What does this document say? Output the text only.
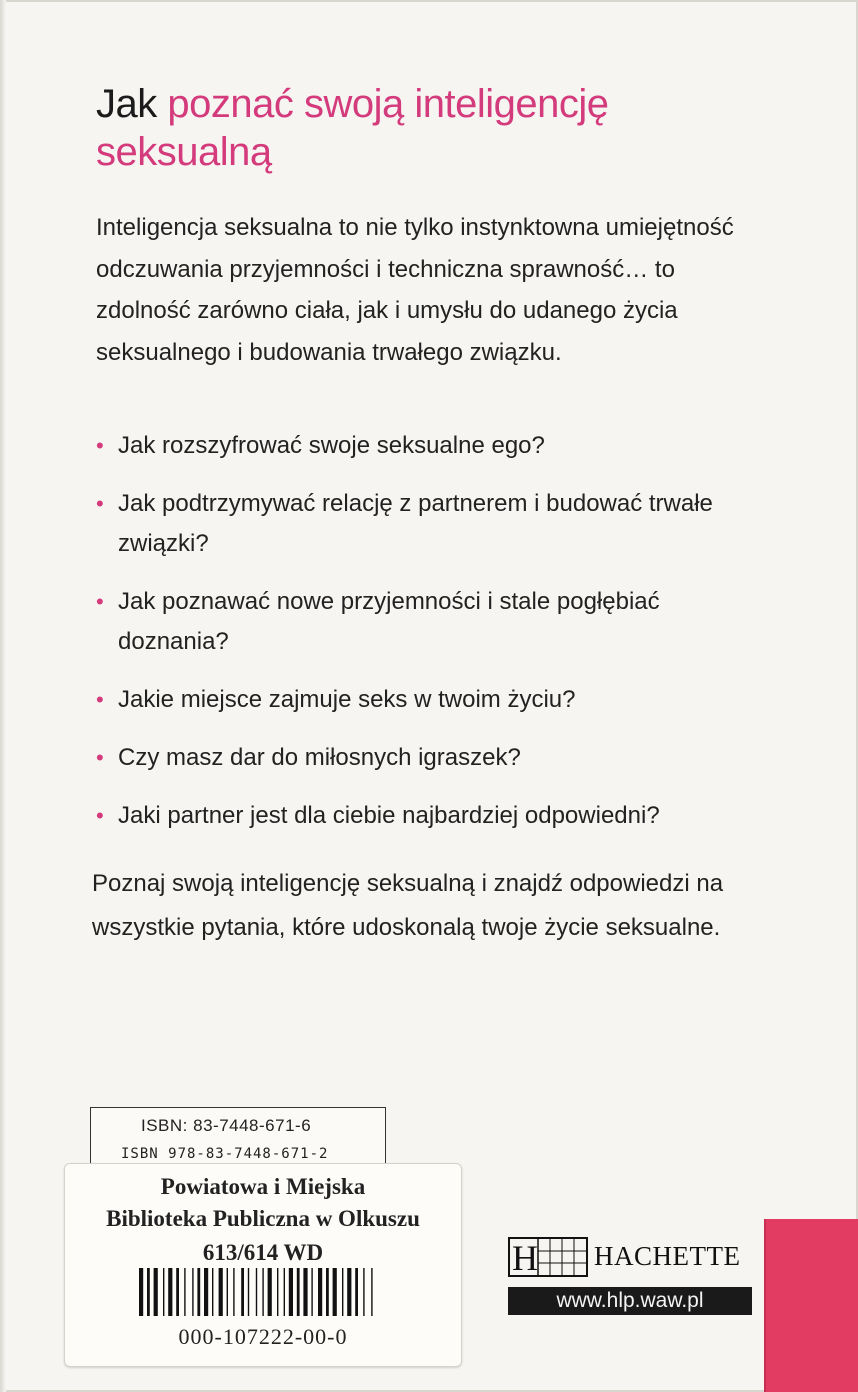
Jak poznać swoją inteligencję seksualną

Inteligencja seksualna to nie tylko instynktowna umiejętność odczuwania przyjemności i techniczna sprawność… to zdolność zarówno ciała, jak i umysłu do udanego życia seksualnego i budowania trwałego związku.

• Jak rozszyfrować swoje seksualne ego?
• Jak podtrzymywać relację z partnerem i budować trwałe związki?
• Jak poznawać nowe przyjemności i stale pogłębiać doznania?
• Jakie miejsce zajmuje seks w twoim życiu?
• Czy masz dar do miłosnych igraszek?
• Jaki partner jest dla ciebie najbardziej odpowiedni?

Poznaj swoją inteligencję seksualną i znajdź odpowiedzi na wszystkie pytania, które udoskonalą twoje życie seksualne.

ISBN: 83-7448-671-6
ISBN 978-83-7448-671-2
Powiatowa i Miejska
Biblioteka Publiczna w Olkuszu
613/614 WD
000-107222-00-0
H HACHETTE
www.hlp.waw.pl
